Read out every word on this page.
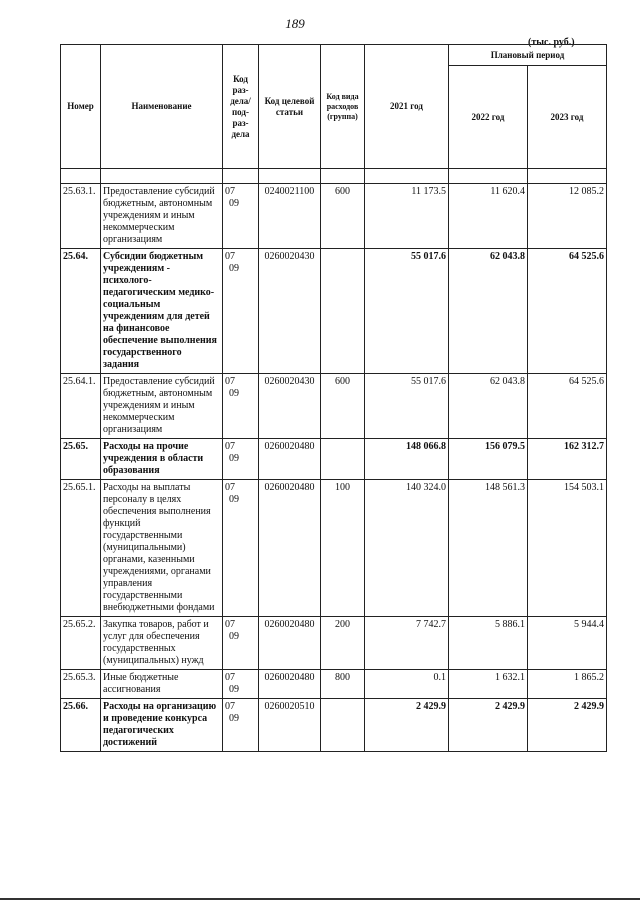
189
(тыс. руб.)
Номер	Наименование	Код раз-дела/ под-раз-дела	Код целевой статьи	Код вида расходов (группа)	2021 год	Плановый период	
						2022 год	2023 год

25.63.1.	Предоставление субсидий бюджетным, автономным учреждениям и иным некоммерческим организациям	0709	0240021100	600	11 173.5	11 620.4	12 085.2
25.64.	Субсидии бюджетным учреждениям - психолого-педагогическим медико-социальным учреждениям для детей на финансовое обеспечение выполнения государственного задания	0709	0260020430		55 017.6	62 043.8	64 525.6
25.64.1.	Предоставление субсидий бюджетным, автономным учреждениям и иным некоммерческим организациям	0709	0260020430	600	55 017.6	62 043.8	64 525.6
25.65.	Расходы на прочие учреждения в области образования	0709	0260020480		148 066.8	156 079.5	162 312.7
25.65.1.	Расходы на выплаты персоналу в целях обеспечения выполнения функций государственными (муниципальными) органами, казенными учреждениями, органами управления государственными внебюджетными фондами	0709	0260020480	100	140 324.0	148 561.3	154 503.1
25.65.2.	Закупка товаров, работ и услуг для обеспечения государственных (муниципальных) нужд	0709	0260020480	200	7 742.7	5 886.1	5 944.4
25.65.3.	Иные бюджетные ассигнования	0709	0260020480	800	0.1	1 632.1	1 865.2
25.66.	Расходы на организацию и проведение конкурса педагогических достижений	0709	0260020510		2 429.9	2 429.9	2 429.9
